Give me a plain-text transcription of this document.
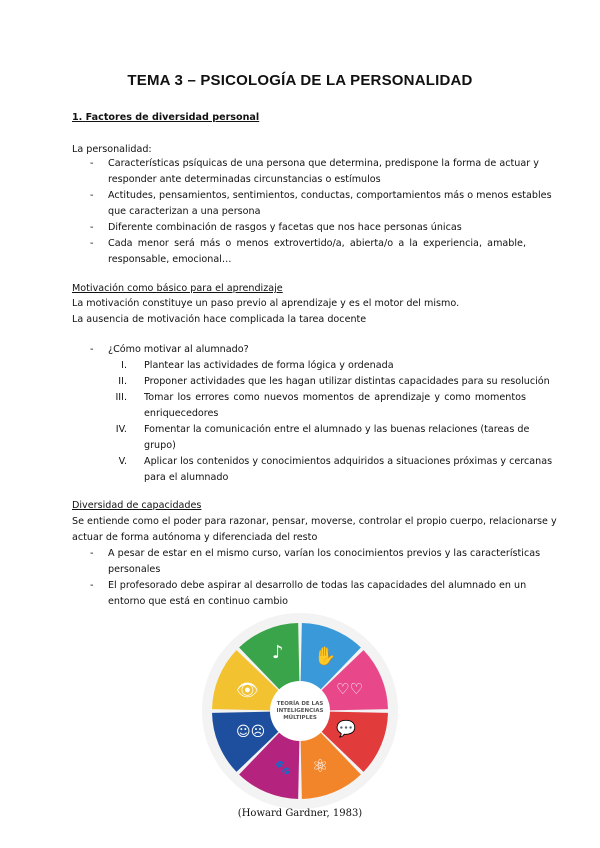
TEMA 3 – PSICOLOGÍA DE LA PERSONALIDAD
1. Factores de diversidad personal
La personalidad:
- Características psíquicas de una persona que determina, predispone la forma de actuar y
responder ante determinadas circunstancias o estímulos
- Actitudes, pensamientos, sentimientos, conductas, comportamientos más o menos estables
que caracterizan a una persona
- Diferente combinación de rasgos y facetas que nos hace personas únicas
- Cada menor será más o menos extrovertido/a, abierta/o a la experiencia, amable,
responsable, emocional…
Motivación como básico para el aprendizaje
La motivación constituye un paso previo al aprendizaje y es el motor del mismo.
La ausencia de motivación hace complicada la tarea docente
- ¿Cómo motivar al alumnado?
I. Plantear las actividades de forma lógica y ordenada
II. Proponer actividades que les hagan utilizar distintas capacidades para su resolución
III. Tomar los errores como nuevos momentos de aprendizaje y como momentos
enriquecedores
IV. Fomentar la comunicación entre el alumnado y las buenas relaciones (tareas de
grupo)
V. Aplicar los contenidos y conocimientos adquiridos a situaciones próximas y cercanas
para el alumnado
Diversidad de capacidades
Se entiende como el poder para razonar, pensar, moverse, controlar el propio cuerpo, relacionarse y
actuar de forma autónoma y diferenciada del resto
- A pesar de estar en el mismo curso, varían los conocimientos previos y las características
personales
- El profesorado debe aspirar al desarrollo de todas las capacidades del alumnado en un
entorno que está en continuo cambio
♪ ✋
♡♡
💬
⚛
🐾
☺☹
👁
TEORÍA DE LAS
INTELIGENCIAS
MÚLTIPLES
(Howard Gardner, 1983)
